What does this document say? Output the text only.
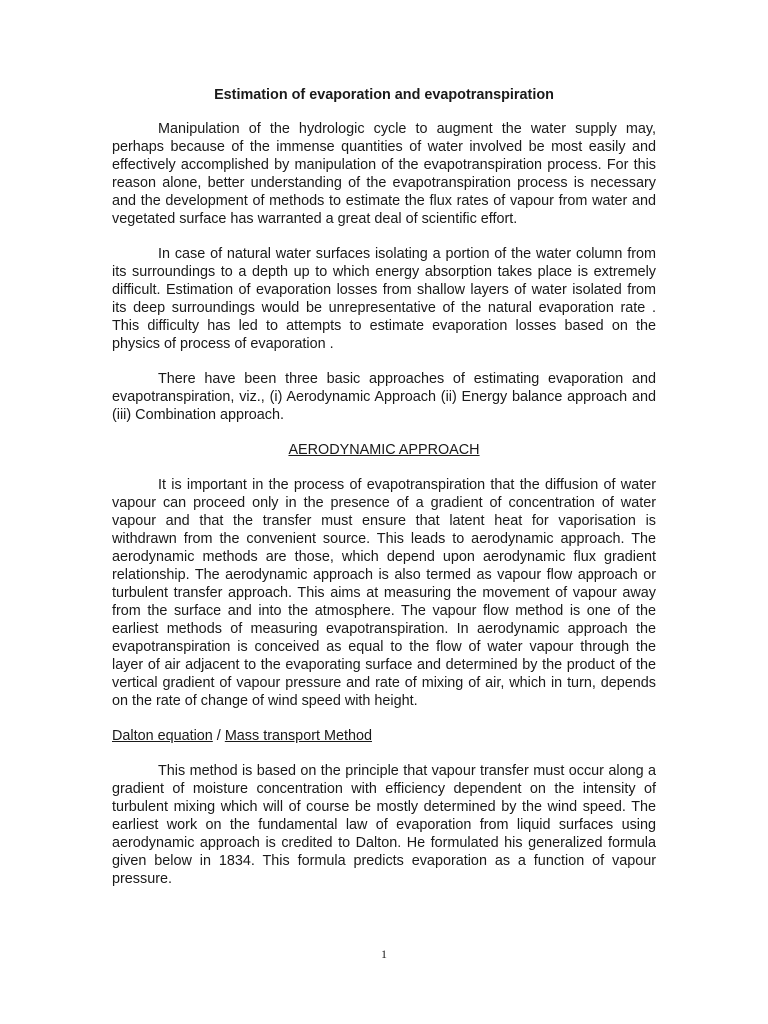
Estimation of evaporation and evapotranspiration

Manipulation of the hydrologic cycle to augment the water supply may, perhaps because of the immense quantities of water involved be most easily and effectively accomplished by manipulation of the evapotranspiration process. For this reason alone, better understanding of the evapotranspiration process is necessary and the development of methods to estimate the flux rates of vapour from water and vegetated surface has warranted a great deal of scientific effort.

In case of natural water surfaces isolating a portion of the water column from its surroundings to a depth up to which energy absorption takes place is extremely difficult. Estimation of evaporation losses from shallow layers of water isolated from its deep surroundings would be unrepresentative of the natural evaporation rate . This difficulty has led to attempts to estimate evaporation losses based on the physics of process of evaporation .

There have been three basic approaches of estimating evaporation and evapotranspiration, viz., (i) Aerodynamic Approach (ii) Energy balance approach and (iii) Combination approach.

AERODYNAMIC APPROACH

It is important in the process of evapotranspiration that the diffusion of water vapour can proceed only in the presence of a gradient of concentration of water vapour and that the transfer must ensure that latent heat for vaporisation is withdrawn from the convenient source. This leads to aerodynamic approach. The aerodynamic methods are those, which depend upon aerodynamic flux gradient relationship. The aerodynamic approach is also termed as vapour flow approach or turbulent transfer approach. This aims at measuring the movement of vapour away from the surface and into the atmosphere. The vapour flow method is one of the earliest methods of measuring evapotranspiration. In aerodynamic approach the evapotranspiration is conceived as equal to the flow of water vapour through the layer of air adjacent to the evaporating surface and determined by the product of the vertical gradient of vapour pressure and rate of mixing of air, which in turn, depends on the rate of change of wind speed with height.

Dalton equation / Mass transport Method

This method is based on the principle that vapour transfer must occur along a gradient of moisture concentration with efficiency dependent on the intensity of turbulent mixing which will of course be mostly determined by the wind speed. The earliest work on the fundamental law of evaporation from liquid surfaces using aerodynamic approach is credited to Dalton. He formulated his generalized formula given below in 1834. This formula predicts evaporation as a function of vapour pressure.

1
